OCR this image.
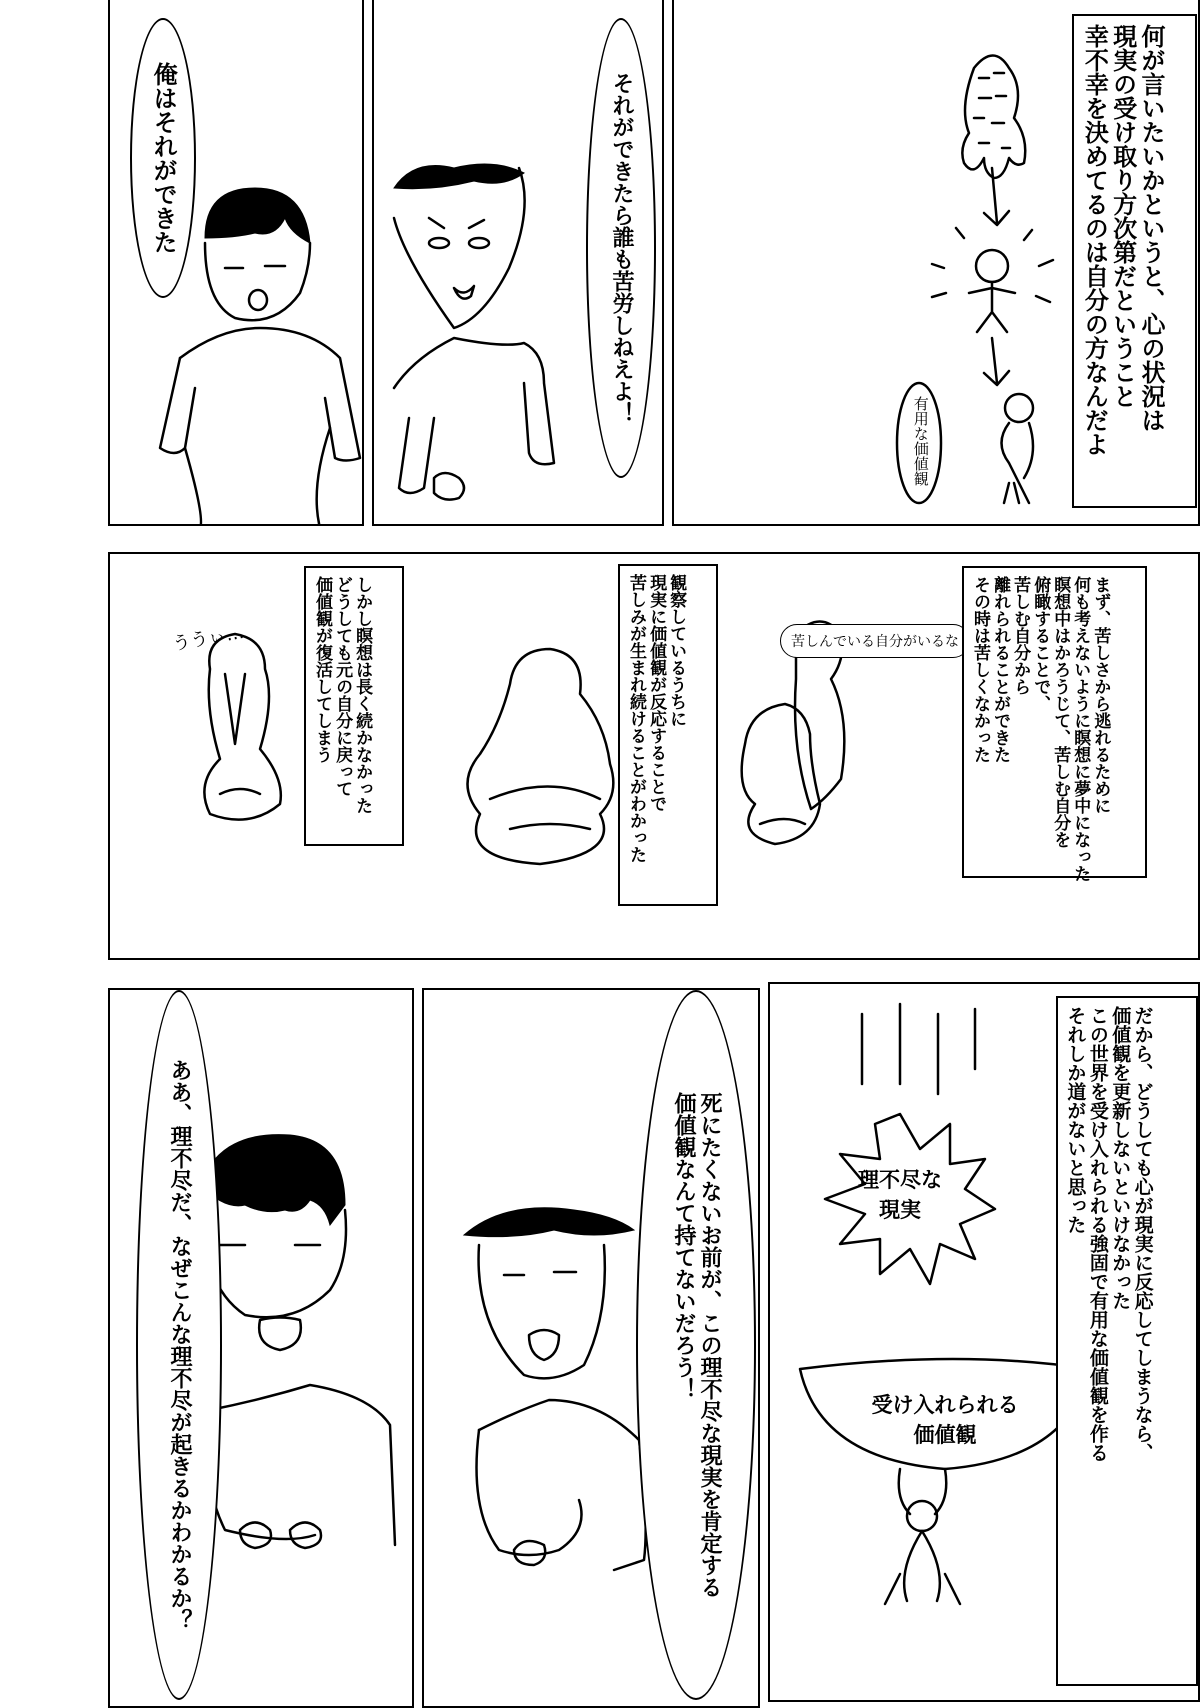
有用な価値観
何が言いたいかというと、心の状況は
現実の受け取り方次第だということ
幸不幸を決めてるのは自分の方なんだよ
それができたら誰も苦労しねえよ！
俺はそれができた
苦しんでいる自分がいるな
ううぃ…	まず、苦しさから逃れるために
何も考えないように瞑想に夢中になった
瞑想中はかろうじて、苦しむ自分を
俯瞰することで、
苦しむ自分から
離れられることができた
その時は苦しくなかった
観察しているうちに
現実に価値観が反応することで
苦しみが生まれ続けることがわかった
しかし瞑想は長く続かなかった
どうしても元の自分に戻って
価値観が復活してしまう
理不尽な
現実
受け入れられる
価値観	だから、どうしても心が現実に反応してしまうなら、
価値観を更新しないといけなかった
この世界を受け入れられる強固で有用な価値観を作る
それしか道がないと思った
死にたくないお前が、この理不尽な現実を肯定する
価値観なんて持てないだろう！
ああ、理不尽だ、なぜこんな理不尽が起きるかわかるか？
